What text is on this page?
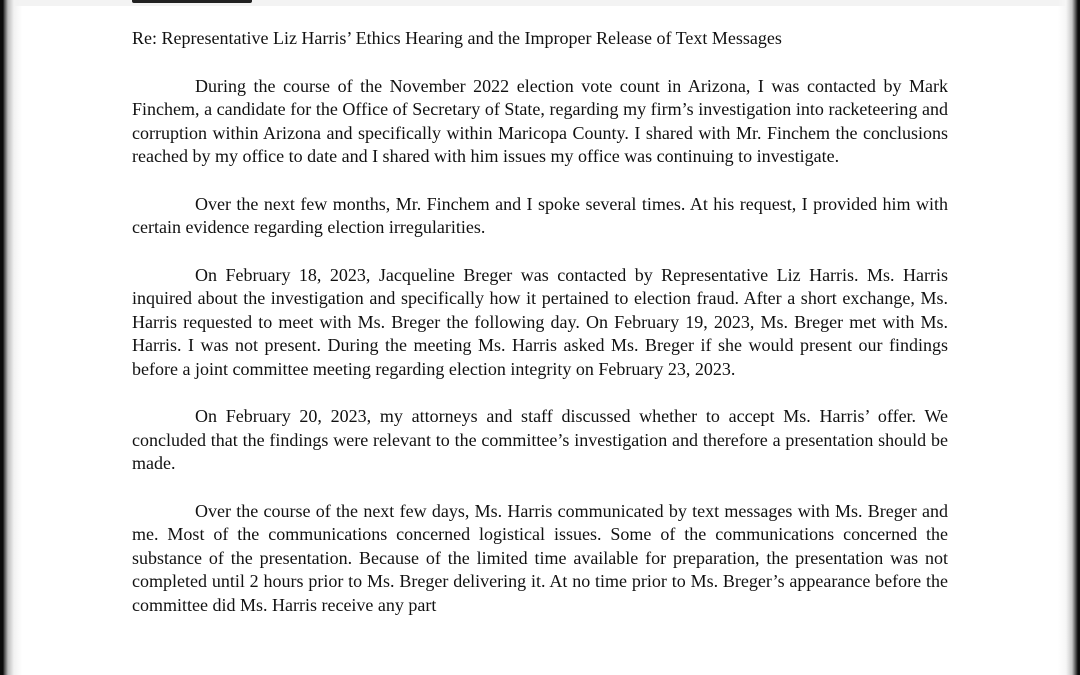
Re: Representative Liz Harris’ Ethics Hearing and the Improper Release of Text Messages

During the course of the November 2022 election vote count in Arizona, I was contacted by Mark Finchem, a candidate for the Office of Secretary of State, regarding my firm’s investigation into racketeering and corruption within Arizona and specifically within Maricopa County. I shared with Mr. Finchem the conclusions reached by my office to date and I shared with him issues my office was continuing to investigate.

Over the next few months, Mr. Finchem and I spoke several times. At his request, I provided him with certain evidence regarding election irregularities.

On February 18, 2023, Jacqueline Breger was contacted by Representative Liz Harris. Ms. Harris inquired about the investigation and specifically how it pertained to election fraud. After a short exchange, Ms. Harris requested to meet with Ms. Breger the following day. On February 19, 2023, Ms. Breger met with Ms. Harris. I was not present. During the meeting Ms. Harris asked Ms. Breger if she would present our findings before a joint committee meeting regarding election integrity on February 23, 2023.

On February 20, 2023, my attorneys and staff discussed whether to accept Ms. Harris’ offer. We concluded that the findings were relevant to the committee’s investigation and therefore a presentation should be made.

Over the course of the next few days, Ms. Harris communicated by text messages with Ms. Breger and me. Most of the communications concerned logistical issues. Some of the communications concerned the substance of the presentation. Because of the limited time available for preparation, the presentation was not completed until 2 hours prior to Ms. Breger delivering it. At no time prior to Ms. Breger’s appearance before the committee did Ms. Harris receive any part
